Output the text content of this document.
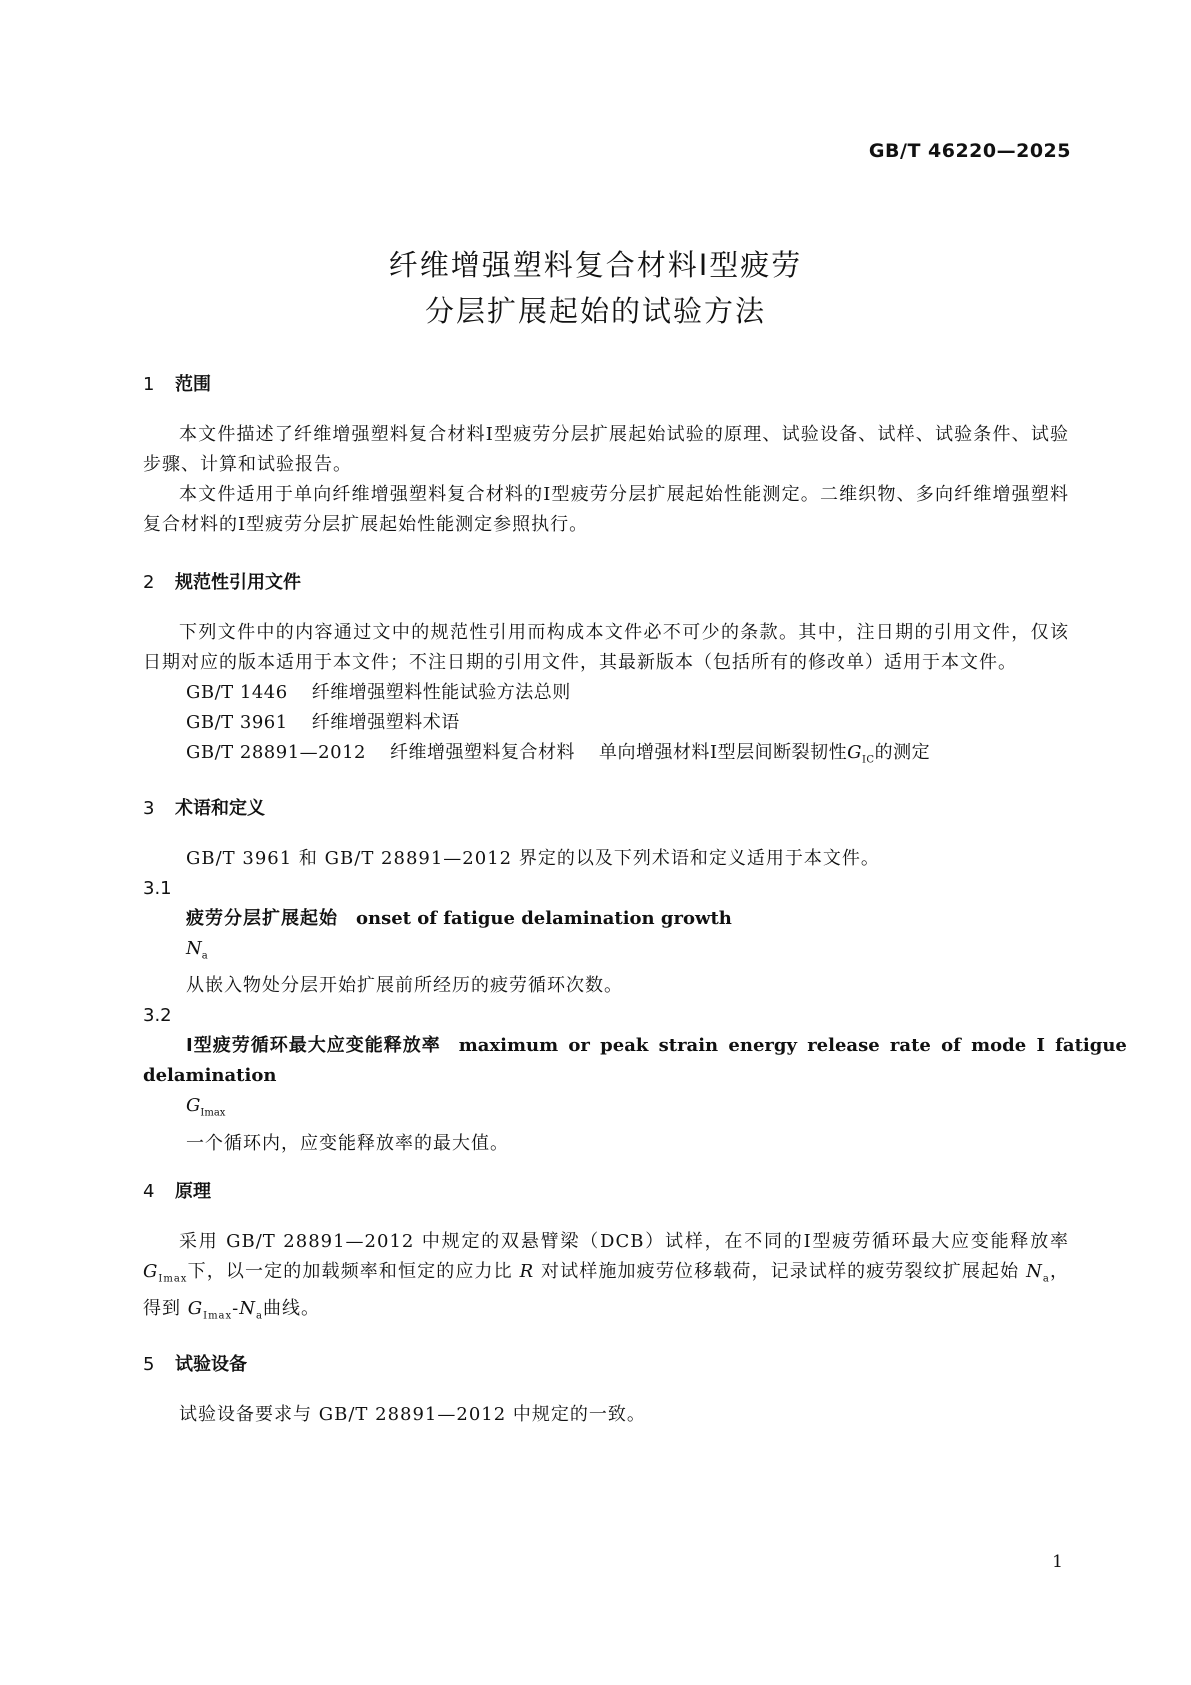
GB/T 46220—2025
纤维增强塑料复合材料Ⅰ型疲劳
分层扩展起始的试验方法
1 范围

本文件描述了纤维增强塑料复合材料Ⅰ型疲劳分层扩展起始试验的原理、试验设备、试样、试验条件、试验步骤、计算和试验报告。

本文件适用于单向纤维增强塑料复合材料的Ⅰ型疲劳分层扩展起始性能测定。二维织物、多向纤维增强塑料复合材料的Ⅰ型疲劳分层扩展起始性能测定参照执行。

2 规范性引用文件

下列文件中的内容通过文中的规范性引用而构成本文件必不可少的条款。其中，注日期的引用文件，仅该日期对应的版本适用于本文件；不注日期的引用文件，其最新版本（包括所有的修改单）适用于本文件。

GB/T 1446 纤维增强塑料性能试验方法总则
GB/T 3961 纤维增强塑料术语
GB/T 28891—2012 纤维增强塑料复合材料 单向增强材料Ⅰ型层间断裂韧性$G_{IC}$的测定
3 术语和定义
GB/T 3961 和 GB/T 28891—2012 界定的以及下列术语和定义适用于本文件。
3.1
疲劳分层扩展起始 onset of fatigue delamination growth
$N_a$
从嵌入物处分层开始扩展前所经历的疲劳循环次数。
3.2
Ⅰ型疲劳循环最大应变能释放率 maximum or peak strain energy release rate of mode Ⅰ fatigue
delamination
$G_{Imax}$
一个循环内，应变能释放率的最大值。
4 原理

采用 GB/T 28891—2012 中规定的双悬臂梁（DCB）试样，在不同的Ⅰ型疲劳循环最大应变能释放率 $G_{Imax}$下，以一定的加载频率和恒定的应力比 R 对试样施加疲劳位移载荷，记录试样的疲劳裂纹扩展起始 $N_a$，得到 $G_{Imax}-N_a$曲线。

5 试验设备

试验设备要求与 GB/T 28891—2012 中规定的一致。

1
